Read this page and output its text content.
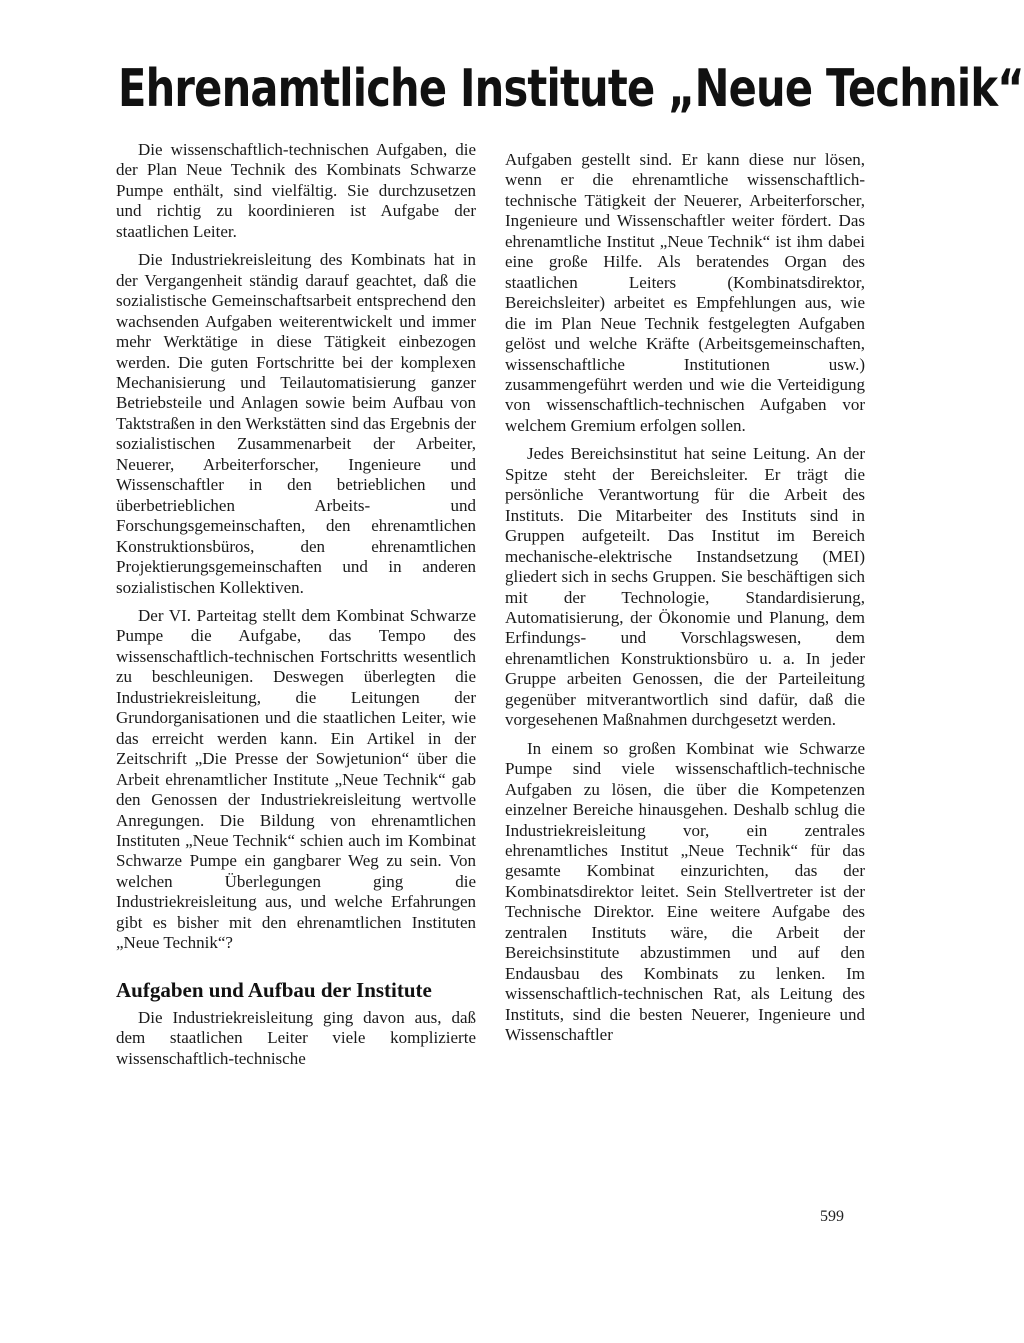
Ehrenamtliche Institute „Neue Technik“

Die wissenschaftlich-technischen Aufgaben, die der Plan Neue Technik des Kombinats Schwarze Pumpe enthält, sind vielfältig. Sie durchzusetzen und richtig zu koordinieren ist Aufgabe der staatlichen Leiter.

Die Industriekreisleitung des Kombinats hat in der Vergangenheit ständig darauf geachtet, daß die sozialistische Gemeinschaftsarbeit entsprechend den wachsenden Aufgaben weiterentwickelt und immer mehr Werktätige in diese Tätigkeit einbezogen werden. Die guten Fortschritte bei der komplexen Mechanisierung und Teilautomatisierung ganzer Betriebsteile und Anlagen sowie beim Aufbau von Taktstraßen in den Werkstätten sind das Ergebnis der sozialistischen Zusammenarbeit der Arbeiter, Neuerer, Arbeiterforscher, Ingenieure und Wissenschaftler in den betrieblichen und überbetrieblichen Arbeits- und Forschungsgemeinschaften, den ehrenamtlichen Konstruktionsbüros, den ehrenamtlichen Projektierungsgemeinschaften und in anderen sozialistischen Kollektiven.

Der VI. Parteitag stellt dem Kombinat Schwarze Pumpe die Aufgabe, das Tempo des wissenschaftlich-technischen Fortschritts wesentlich zu beschleunigen. Deswegen überlegten die Industriekreisleitung, die Leitungen der Grundorganisationen und die staatlichen Leiter, wie das erreicht werden kann. Ein Artikel in der Zeitschrift „Die Presse der Sowjetunion“ über die Arbeit ehrenamtlicher Institute „Neue Technik“ gab den Genossen der Industriekreisleitung wertvolle Anregungen. Die Bildung von ehrenamtlichen Instituten „Neue Technik“ schien auch im Kombinat Schwarze Pumpe ein gangbarer Weg zu sein. Von welchen Überlegungen ging die Industriekreisleitung aus, und welche Erfahrungen gibt es bisher mit den ehrenamtlichen Instituten „Neue Technik“?

Aufgaben und Aufbau der Institute

Die Industriekreisleitung ging davon aus, daß dem staatlichen Leiter viele komplizierte wissenschaftlich-technische

Aufgaben gestellt sind. Er kann diese nur lösen, wenn er die ehrenamtliche wissenschaftlich-technische Tätigkeit der Neuerer, Arbeiterforscher, Ingenieure und Wissenschaftler weiter fördert. Das ehrenamtliche Institut „Neue Technik“ ist ihm dabei eine große Hilfe. Als beratendes Organ des staatlichen Leiters (Kombinatsdirektor, Bereichsleiter) arbeitet es Empfehlungen aus, wie die im Plan Neue Technik festgelegten Aufgaben gelöst und welche Kräfte (Arbeitsgemeinschaften, wissenschaftliche Institutionen usw.) zusammengeführt werden und wie die Verteidigung von wissenschaftlich-technischen Aufgaben vor welchem Gremium erfolgen sollen.

Jedes Bereichsinstitut hat seine Leitung. An der Spitze steht der Bereichsleiter. Er trägt die persönliche Verantwortung für die Arbeit des Instituts. Die Mitarbeiter des Instituts sind in Gruppen aufgeteilt. Das Institut im Bereich mechanische-elektrische Instandsetzung (MEI) gliedert sich in sechs Gruppen. Sie beschäftigen sich mit der Technologie, Standardisierung, Automatisierung, der Ökonomie und Planung, dem Erfindungs- und Vorschlagswesen, dem ehrenamtlichen Konstruktionsbüro u. a. In jeder Gruppe arbeiten Genossen, die der Parteileitung gegenüber mitverantwortlich sind dafür, daß die vorgesehenen Maßnahmen durchgesetzt werden.

In einem so großen Kombinat wie Schwarze Pumpe sind viele wissenschaftlich-technische Aufgaben zu lösen, die über die Kompetenzen einzelner Bereiche hinausgehen. Deshalb schlug die Industriekreisleitung vor, ein zentrales ehrenamtliches Institut „Neue Technik“ für das gesamte Kombinat einzurichten, das der Kombinatsdirektor leitet. Sein Stellvertreter ist der Technische Direktor. Eine weitere Aufgabe des zentralen Instituts wäre, die Arbeit der Bereichsinstitute abzustimmen und auf den Endausbau des Kombinats zu lenken. Im wissenschaftlich-technischen Rat, als Leitung des Instituts, sind die besten Neuerer, Ingenieure und Wissenschaftler

599
